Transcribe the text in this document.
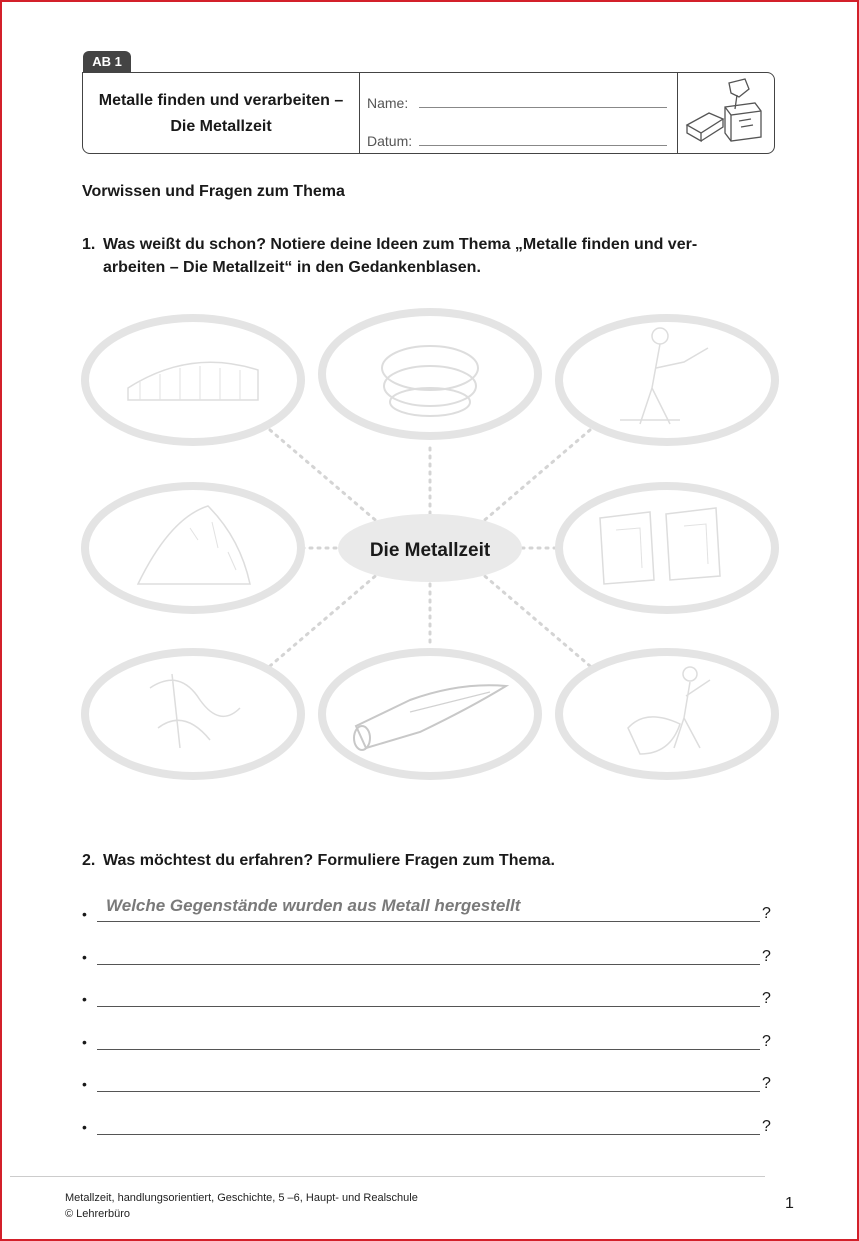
AB 1
Metalle finden und verarbeiten –
Die Metallzeit
Name:
Datum:
Vorwissen und Fragen zum Thema
1. Was weißt du schon? Notiere deine Ideen zum Thema „Metalle finden und ver-
arbeiten – Die Metallzeit“ in den Gedankenblasen.
Die Metallzeit
2. Was möchtest du erfahren? Formuliere Fragen zum Thema.
• Welche Gegenstände wurden aus Metall hergestellt	?
•	?
•	?
•	?
•	?
•	?
Metallzeit, handlungsorientiert, Geschichte, 5 –6, Haupt- und Realschule
© Lehrerbüro
1
